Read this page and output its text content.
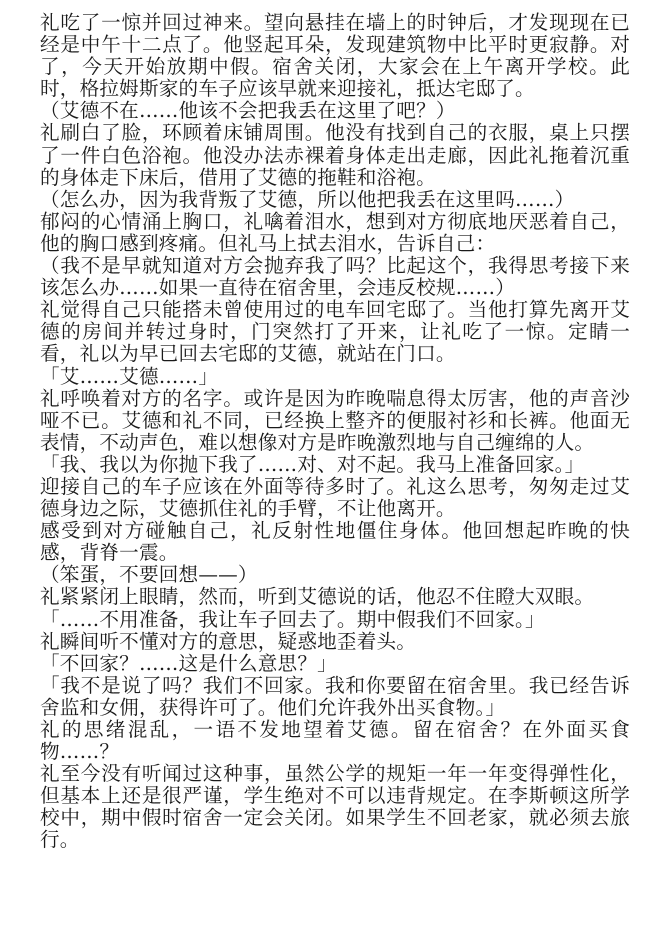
礼吃了一惊并回过神来。望向悬挂在墙上的时钟后，才发现现在已经是中午十二点了。他竖起耳朵，发现建筑物中比平时更寂静。对了，今天开始放期中假。宿舍关闭，大家会在上午离开学校。此时，格拉姆斯家的车子应该早就来迎接礼，抵达宅邸了。

（艾德不在……他该不会把我丢在这里了吧？）

礼刷白了脸，环顾着床铺周围。他没有找到自己的衣服，桌上只摆了一件白色浴袍。他没办法赤裸着身体走出走廊，因此礼拖着沉重的身体走下床后，借用了艾德的拖鞋和浴袍。

（怎么办，因为我背叛了艾德，所以他把我丢在这里吗……）

郁闷的心情涌上胸口，礼噙着泪水，想到对方彻底地厌恶着自己，他的胸口感到疼痛。但礼马上拭去泪水，告诉自己：

（我不是早就知道对方会抛弃我了吗？比起这个，我得思考接下来该怎么办……如果一直待在宿舍里，会违反校规……）

礼觉得自己只能搭未曾使用过的电车回宅邸了。当他打算先离开艾德的房间并转过身时，门突然打了开来，让礼吃了一惊。定睛一看，礼以为早已回去宅邸的艾德，就站在门口。

「艾……艾德……」

礼呼唤着对方的名字。或许是因为昨晚喘息得太厉害，他的声音沙哑不已。艾德和礼不同，已经换上整齐的便服衬衫和长裤。他面无表情，不动声色，难以想像对方是昨晚激烈地与自己缠绵的人。

「我、我以为你抛下我了……对、对不起。我马上准备回家。」

迎接自己的车子应该在外面等待多时了。礼这么思考，匆匆走过艾德身边之际，艾德抓住礼的手臂，不让他离开。

感受到对方碰触自己，礼反射性地僵住身体。他回想起昨晚的快感，背脊一震。

（笨蛋，不要回想——）

礼紧紧闭上眼睛，然而，听到艾德说的话，他忍不住瞪大双眼。

「……不用准备，我让车子回去了。期中假我们不回家。」

礼瞬间听不懂对方的意思，疑惑地歪着头。

「不回家？……这是什么意思？」

「我不是说了吗？我们不回家。我和你要留在宿舍里。我已经告诉舍监和女佣，获得许可了。他们允许我外出买食物。」

礼的思绪混乱，一语不发地望着艾德。留在宿舍？在外面买食物……？

礼至今没有听闻过这种事，虽然公学的规矩一年一年变得弹性化，但基本上还是很严谨，学生绝对不可以违背规定。在李斯顿这所学校中，期中假时宿舍一定会关闭。如果学生不回老家，就必须去旅行。
